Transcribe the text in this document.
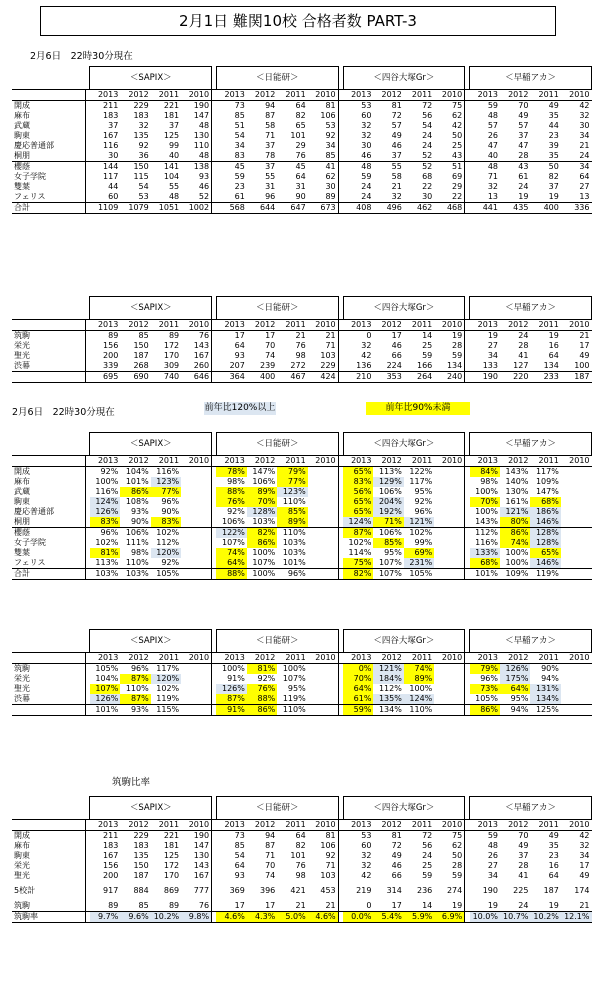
2月1日 難関10校 合格者数 PART-3
2月6日　22時30分現在
2月6日　22時30分現在	前年比120%以上	前年比90%未満
筑駒比率
		＜SAPIX＞					＜日能研＞					＜四谷大塚Gr＞					＜早稲アカ＞			
		2013	2012	2011	2010		2013	2012	2011	2010		2013	2012	2011	2010		2013	2012	2011	2010
開成		211	229	221	190		73	94	64	81		53	81	72	75		59	70	49	42
麻布		183	183	181	147		85	87	82	106		60	72	56	62		48	49	35	32
武蔵		37	32	37	48		51	58	65	53		32	57	54	42		57	57	44	30
駒東		167	135	125	130		54	71	101	92		32	49	24	50		26	37	23	34
慶応普通部		116	92	99	110		34	37	29	34		30	46	24	25		47	47	39	21
桐朋		30	36	40	48		83	78	76	85		46	37	52	43		40	28	35	24
櫻蔭		144	150	141	138		45	37	45	41		48	55	52	51		48	43	50	34
女子学院		117	115	104	93		59	55	64	62		59	58	68	69		71	61	82	64
雙葉		44	54	55	46		23	31	31	30		24	21	22	29		32	24	37	27
フェリス		60	53	48	52		61	96	90	89		24	32	30	22		13	19	19	13
合計		1109	1079	1051	1002		568	644	647	673		408	496	462	468		441	435	400	336
		＜SAPIX＞					＜日能研＞					＜四谷大塚Gr＞					＜早稲アカ＞			
		2013	2012	2011	2010		2013	2012	2011	2010		2013	2012	2011	2010		2013	2012	2011	2010
筑駒		89	85	89	76		17	17	21	21		0	17	14	19		19	24	19	21
栄光		156	150	172	143		64	70	76	71		32	46	25	28		27	28	16	17
聖光		200	187	170	167		93	74	98	103		42	66	59	59		34	41	64	49
渋幕		339	268	309	260		207	239	272	229		136	224	166	134		133	127	134	100
		695	690	740	646		364	400	467	424		210	353	264	240		190	220	233	187
		＜SAPIX＞					＜日能研＞					＜四谷大塚Gr＞					＜早稲アカ＞			
		2013	2012	2011	2010		2013	2012	2011	2010		2013	2012	2011	2010		2013	2012	2011	2010
開成		92%	104%	116%			78%	147%	79%			65%	113%	122%			84%	143%	117%	
麻布		100%	101%	123%			98%	106%	77%			83%	129%	117%			98%	140%	109%	
武蔵		116%	86%	77%			88%	89%	123%			56%	106%	95%			100%	130%	147%	
駒東		124%	108%	96%			76%	70%	110%			65%	204%	92%			70%	161%	68%	
慶応普通部		126%	93%	90%			92%	128%	85%			65%	192%	96%			100%	121%	186%	
桐朋		83%	90%	83%			106%	103%	89%			124%	71%	121%			143%	80%	146%	
櫻蔭		96%	106%	102%			122%	82%	110%			87%	106%	102%			112%	86%	128%	
女子学院		102%	111%	112%			107%	86%	103%			102%	85%	99%			116%	74%	128%	
雙葉		81%	98%	120%			74%	100%	103%			114%	95%	69%			133%	100%	65%	
フェリス		113%	110%	92%			64%	107%	101%			75%	107%	231%			68%	100%	146%	
合計		103%	103%	105%			88%	100%	96%			82%	107%	105%			101%	109%	119%	
		＜SAPIX＞					＜日能研＞					＜四谷大塚Gr＞					＜早稲アカ＞			
		2013	2012	2011	2010		2013	2012	2011	2010		2013	2012	2011	2010		2013	2012	2011	2010
筑駒		105%	96%	117%			100%	81%	100%			0%	121%	74%			79%	126%	90%	
栄光		104%	87%	120%			91%	92%	107%			70%	184%	89%			96%	175%	94%	
聖光		107%	110%	102%			126%	76%	95%			64%	112%	100%			73%	64%	131%	
渋幕		126%	87%	119%			87%	88%	119%			61%	135%	124%			105%	95%	134%	
		101%	93%	115%			91%	86%	110%			59%	134%	110%			86%	94%	125%	
		＜SAPIX＞					＜日能研＞					＜四谷大塚Gr＞					＜早稲アカ＞			
		2013	2012	2011	2010		2013	2012	2011	2010		2013	2012	2011	2010		2013	2012	2011	2010
開成		211	229	221	190		73	94	64	81		53	81	72	75		59	70	49	42
麻布		183	183	181	147		85	87	82	106		60	72	56	62		48	49	35	32
駒東		167	135	125	130		54	71	101	92		32	49	24	50		26	37	23	34
栄光		156	150	172	143		64	70	76	71		32	46	25	28		27	28	16	17
聖光		200	187	170	167		93	74	98	103		42	66	59	59		34	41	64	49

5校計		917	884	869	777		369	396	421	453		219	314	236	274		190	225	187	174

筑駒		89	85	89	76		17	17	21	21		0	17	14	19		19	24	19	21
筑駒率		9.7%	9.6%	10.2%	9.8%		4.6%	4.3%	5.0%	4.6%		0.0%	5.4%	5.9%	6.9%		10.0%	10.7%	10.2%	12.1%
